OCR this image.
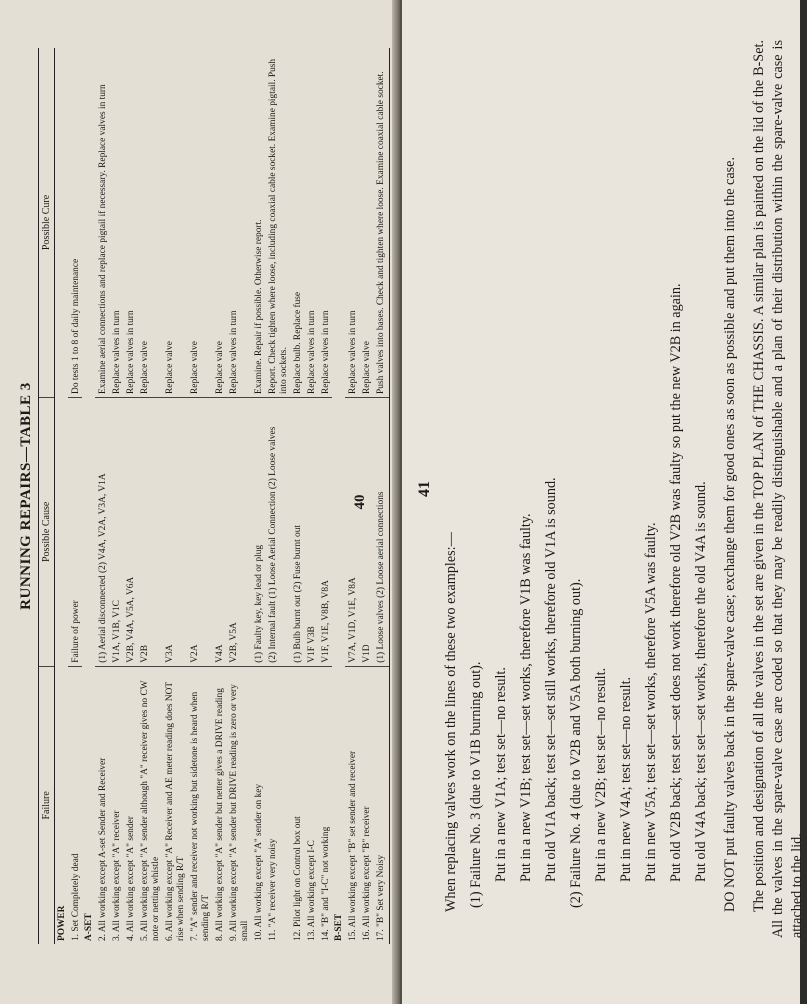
RUNNING REPAIRS—TABLE 3
Failure	Possible Cause	Possible Cure
POWER		
1. Set Completely dead	Failure of power	Do tests 1 to 8 of daily maintenance
A-SET		
2. All working except A-set Sender and Receiver	(1) Aerial disconnected (2) V4A, V2A, V3A, V1A	Examine aerial connections and replace pigtail if necessary. Replace valves in turn
3. All working except "A" receiver	V1A, V1B, V1C	Replace valves in turn
4. All working except "A" sender	V2B, V4A, V5A, V6A	Replace valves in turn
5. All working except "A" sender although "A" receiver gives no CW note or netting whistle	V2B	Replace valve
6. All working except "A" Receiver and AE meter reading does NOT rise when sending R/T	V3A	Replace valve
7. "A" sender and receiver not working but sidetone is heard when sending R/T	V2A	Replace valve
8. All working except "A" sender but netter gives a DRIVE reading	V4A	Replace valve
9. All working except "A" sender but DRIVE reading is zero or very small	V2B, V5A	Replace valves in turn
10. All working except "A" sender on key	(1) Faulty key, key lead or plug	Examine. Repair if possible. Otherwise report.
11. "A" receiver very noisy	(2) Internal fault (1) Loose Aerial Connection (2) Loose valves	Report. Check tighten where loose, including coaxial cable socket. Examine pigtail. Push into sockets.
12. Pilot light on Control box out	(1) Bulb burnt out (2) Fuse burnt out	Replace bulb. Replace fuse
13. All working except I-C	V1F V3B	Replace valves in turn
14. "B" and "I-C" not working	V1F, V1E, V8B, V8A	Replace valves in turn
B-SET		
15. All working except "B" set sender and receiver	V7A, V1D, V1E, V8A	Replace valves in turn
16. All working except "B" receiver	V1D	Replace valve
17. "B" Set very Noisy	(1) Loose valves (2) Loose aerial connections	Push valves into bases. Check and tighten where loose. Examine coaxial cable socket.
40
41

When replacing valves work on the lines of these two examples:— (1) Failure No. 3 (due to V1B burning out). Put in a new V1A; test set—no result. Put in a new V1B; test set—set works, therefore V1B was faulty. Put old V1A back; test set—set still works, therefore old V1A is sound. (2) Failure No. 4 (due to V2B and V5A both burning out). Put in a new V2B; test set—no result. Put in new V4A; test set—no result. Put in new V5A; test set—set works, therefore V5A was faulty. Put old V2B back; test set—set does not work therefore old V2B was faulty so put the new V2B in again. Put old V4A back; test set—set works, therefore the old V4A is sound. DO NOT put faulty valves back in the spare-valve case; exchange them for good ones as soon as possible and put them into the case. The position and designation of all the valves in the set are given in the TOP PLAN of THE CHASSIS. A similar plan is painted on the lid of the B-Set. All the valves in the spare-valve case are coded so that they may be readily distinguishable and a plan of their distribution within the spare-valve case is attached to the lid.
